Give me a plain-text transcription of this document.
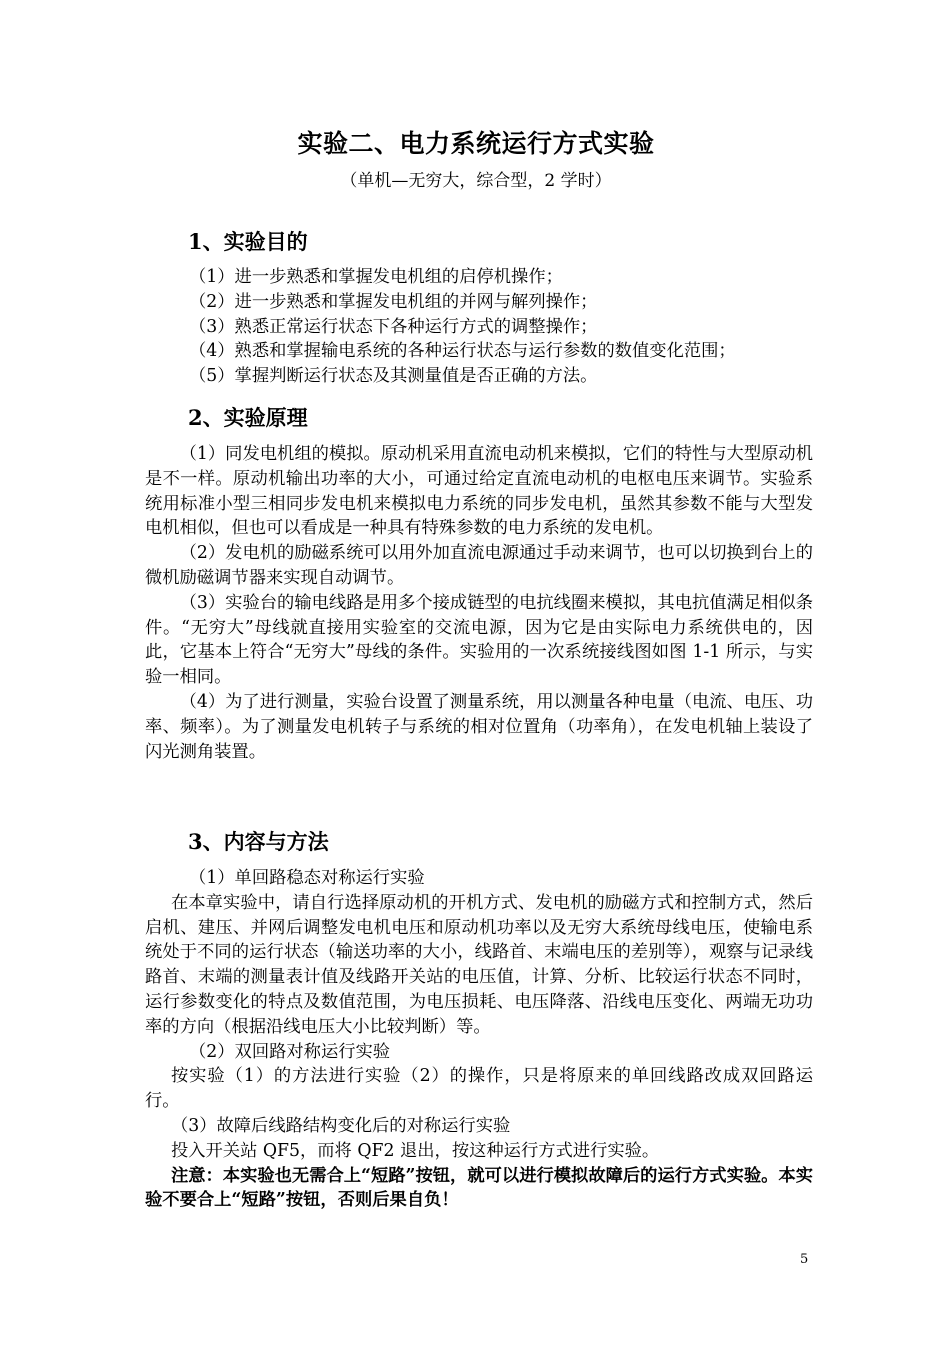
实验二、电力系统运行方式实验
（单机—无穷大，综合型，2 学时）
1、实验目的

（1）进一步熟悉和掌握发电机组的启停机操作；

（2）进一步熟悉和掌握发电机组的并网与解列操作；

（3）熟悉正常运行状态下各种运行方式的调整操作；

（4）熟悉和掌握输电系统的各种运行状态与运行参数的数值变化范围；

（5）掌握判断运行状态及其测量值是否正确的方法。

2、实验原理

（1）同发电机组的模拟。原动机采用直流电动机来模拟，它们的特性与大型原动机是不一样。原动机输出功率的大小，可通过给定直流电动机的电枢电压来调节。实验系统用标准小型三相同步发电机来模拟电力系统的同步发电机，虽然其参数不能与大型发电机相似，但也可以看成是一种具有特殊参数的电力系统的发电机。

（2）发电机的励磁系统可以用外加直流电源通过手动来调节，也可以切换到台上的微机励磁调节器来实现自动调节。

（3）实验台的输电线路是用多个接成链型的电抗线圈来模拟，其电抗值满足相似条件。“无穷大”母线就直接用实验室的交流电源，因为它是由实际电力系统供电的，因此，它基本上符合“无穷大”母线的条件。实验用的一次系统接线图如图 1-1 所示，与实验一相同。

（4）为了进行测量，实验台设置了测量系统，用以测量各种电量（电流、电压、功率、频率）。为了测量发电机转子与系统的相对位置角（功率角），在发电机轴上装设了闪光测角装置。

3、内容与方法

（1）单回路稳态对称运行实验

在本章实验中，请自行选择原动机的开机方式、发电机的励磁方式和控制方式，然后启机、建压、并网后调整发电机电压和原动机功率以及无穷大系统母线电压，使输电系统处于不同的运行状态（输送功率的大小，线路首、末端电压的差别等），观察与记录线路首、末端的测量表计值及线路开关站的电压值，计算、分析、比较运行状态不同时，运行参数变化的特点及数值范围，为电压损耗、电压降落、沿线电压变化、两端无功功率的方向（根据沿线电压大小比较判断）等。

（2）双回路对称运行实验

按实验（1）的方法进行实验（2）的操作，只是将原来的单回线路改成双回路运行。

（3）故障后线路结构变化后的对称运行实验

投入开关站 QF5，而将 QF2 退出，按这种运行方式进行实验。

注意：本实验也无需合上“短路”按钮，就可以进行模拟故障后的运行方式实验。本实验不要合上“短路”按钮，否则后果自负！

5
